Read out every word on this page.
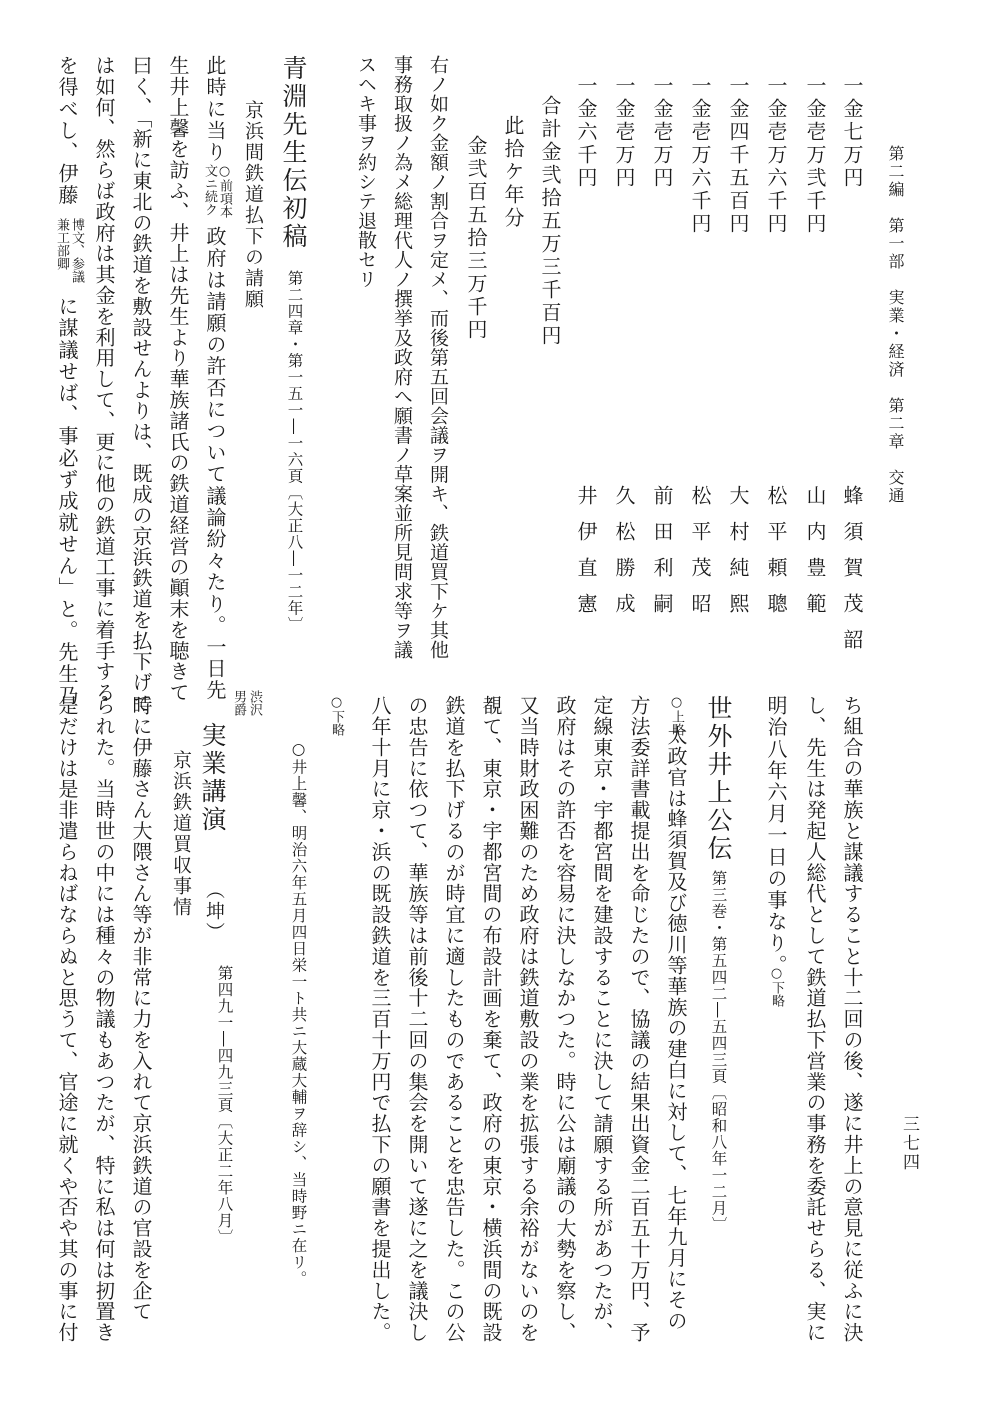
第二編　第一部　実業・経済　第二章　交通
三七四
一金七万円
蜂須賀茂韶
一金壱万弐千円
山内豊範
一金壱万六千円
松平頼聰
一金四千五百円
大村純熙
一金壱万六千円
松平茂昭
一金壱万円
前田利嗣
一金壱万円
久松勝成
一金六千円
井伊直憲
合計金弐拾五万三千百円
此拾ケ年分
金弐百五拾三万千円
右ノ如ク金額ノ割合ヲ定メ、而後第五回会議ヲ開キ、鉄道買下ケ其他
事務取扱ノ為メ総理代人ノ撰挙及政府へ願書ノ草案並所見問求等ヲ議
スヘキ事ヲ約シテ退散セリ
青淵先生伝初稿
第二四章・第一五一―一六頁〔大正八―一二年〕
京浜間鉄道払下の請願
此時に当り
○前項本
文ニ続ク
政府は請願の許否について議論紛々たり。一日先
生井上馨を訪ふ、井上は先生より華族諸氏の鉄道経営の顚末を聴きて
曰く、「新に東北の鉄道を敷設せんよりは、既成の京浜鉄道を払下げて
は如何、然らば政府は其金を利用して、更に他の鉄道工事に着手する
を得べし、伊藤
博文、参議
兼工部卿
に謀議せば、事必ず成就せん」と。先生乃
ち組合の華族と謀議すること十二回の後、遂に井上の意見に従ふに決
し、先生は発起人総代として鉄道払下営業の事務を委託せらる、実に
明治八年六月一日の事なり。
○下略
世外井上公伝
第三巻・第五四二―五四三頁〔昭和八年一二月〕
○上略
太政官は蜂須賀及び徳川等華族の建白に対して、七年九月にその
方法委詳書載提出を命じたので、協議の結果出資金二百五十万円、予
定線東京・宇都宮間を建設することに決して請願する所があつたが、
政府はその許否を容易に決しなかつた。時に公は廟議の大勢を察し、
又当時財政困難のため政府は鉄道敷設の業を拡張する余裕がないのを
覩て、東京・宇都宮間の布設計画を棄て、政府の東京・横浜間の既設
鉄道を払下げるのが時宜に適したものであることを忠告した。この公
の忠告に依つて、華族等は前後十二回の集会を開いて遂に之を議決し
八年十月に京・浜の既設鉄道を三百十万円で払下の願書を提出した。
○井上馨、明治六年五月四日栄一ト共ニ大蔵大輔ヲ辞シ、当時野ニ在リ。
○下略
渋沢
男爵
実業講演
（坤）
第四九一―四九三頁〔大正二年八月〕
京浜鉄道買収事情
時に伊藤さん大隈さん等が非常に力を入れて京浜鉄道の官設を企て
られた。当時世の中には種々の物議もあつたが、特に私は何は扨置き
是だけは是非遣らねばならぬと思うて、官途に就くや否や其の事に付
